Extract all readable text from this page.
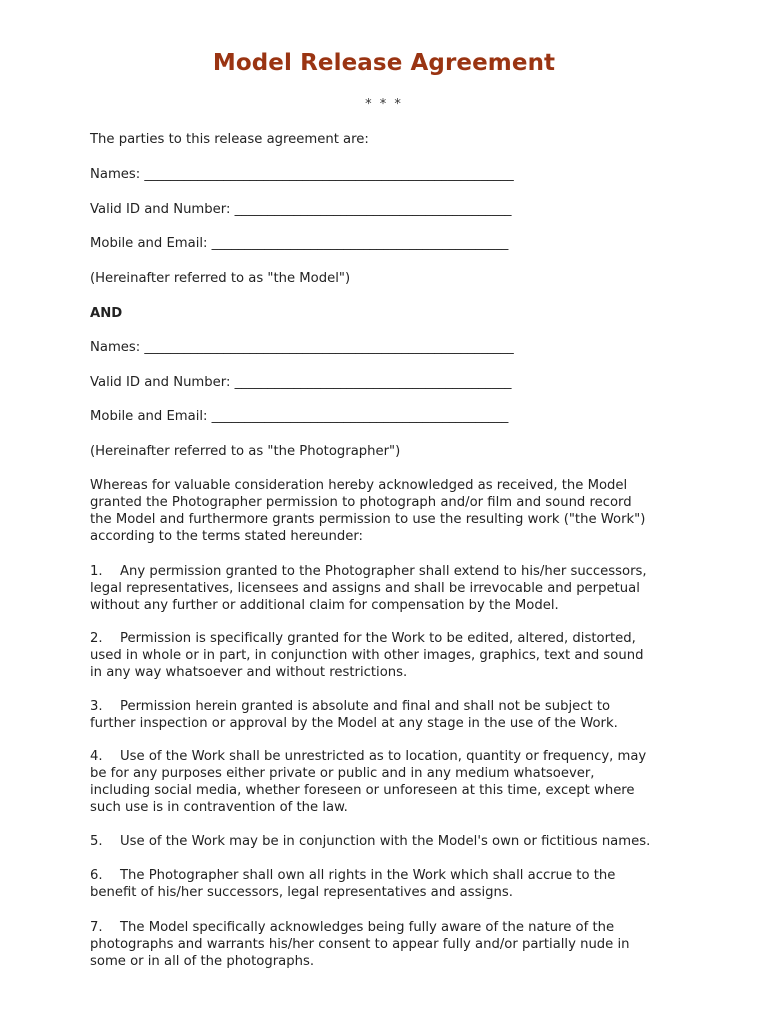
Model Release Agreement
* * *
The parties to this release agreement are:
Names: ________________________________________________________
Valid ID and Number: __________________________________________
Mobile and Email: _____________________________________________
(Hereinafter referred to as "the Model")
AND
Names: ________________________________________________________
Valid ID and Number: __________________________________________
Mobile and Email: _____________________________________________
(Hereinafter referred to as "the Photographer")
Whereas for valuable consideration hereby acknowledged as received, the Model
granted the Photographer permission to photograph and/or film and sound record
the Model and furthermore grants permission to use the resulting work ("the Work")
according to the terms stated hereunder:
1. Any permission granted to the Photographer shall extend to his/her successors,
legal representatives, licensees and assigns and shall be irrevocable and perpetual
without any further or additional claim for compensation by the Model.
2. Permission is specifically granted for the Work to be edited, altered, distorted,
used in whole or in part, in conjunction with other images, graphics, text and sound
in any way whatsoever and without restrictions.
3. Permission herein granted is absolute and final and shall not be subject to
further inspection or approval by the Model at any stage in the use of the Work.
4. Use of the Work shall be unrestricted as to location, quantity or frequency, may
be for any purposes either private or public and in any medium whatsoever,
including social media, whether foreseen or unforeseen at this time, except where
such use is in contravention of the law.
5. Use of the Work may be in conjunction with the Model's own or fictitious names.
6. The Photographer shall own all rights in the Work which shall accrue to the
benefit of his/her successors, legal representatives and assigns.
7. The Model specifically acknowledges being fully aware of the nature of the
photographs and warrants his/her consent to appear fully and/or partially nude in
some or in all of the photographs.
